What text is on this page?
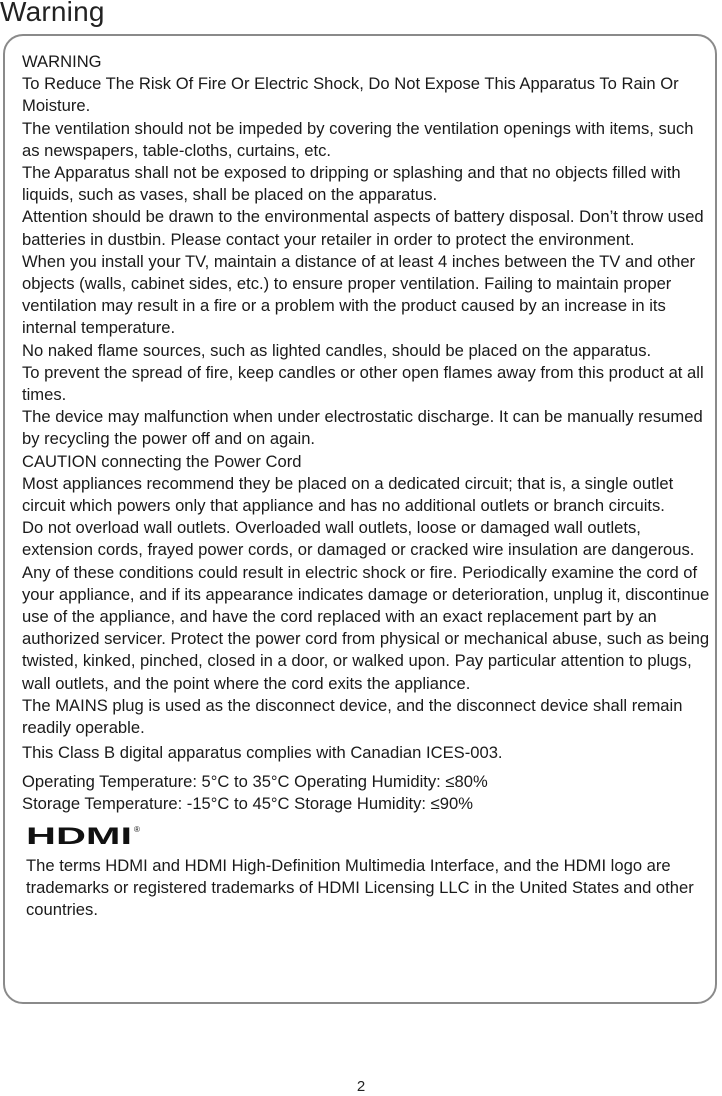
Warning

WARNING

To Reduce The Risk Of Fire Or Electric Shock, Do Not Expose This Apparatus To Rain Or Moisture.

The ventilation should not be impeded by covering the ventilation openings with items, such as newspapers, table-cloths, curtains, etc.

The Apparatus shall not be exposed to dripping or splashing and that no objects filled with liquids, such as vases, shall be placed on the apparatus.

Attention should be drawn to the environmental aspects of battery disposal. Don’t throw used batteries in dustbin. Please contact your retailer in order to protect the environment.

When you install your TV, maintain a distance of at least 4 inches between the TV and other objects (walls, cabinet sides, etc.) to ensure proper ventilation. Failing to maintain proper ventilation may result in a fire or a problem with the product caused by an increase in its internal temperature.

No naked flame sources, such as lighted candles, should be placed on the apparatus.

To prevent the spread of fire, keep candles or other open flames away from this product at all times.

The device may malfunction when under electrostatic discharge. It can be manually resumed by recycling the power off and on again.

CAUTION connecting the Power Cord

Most appliances recommend they be placed on a dedicated circuit; that is, a single outlet circuit which powers only that appliance and has no additional outlets or branch circuits.

Do not overload wall outlets. Overloaded wall outlets, loose or damaged wall outlets, extension cords, frayed power cords, or damaged or cracked wire insulation are dangerous. Any of these conditions could result in electric shock or fire. Periodically examine the cord of your appliance, and if its appearance indicates damage or deterioration, unplug it, discontinue use of the appliance, and have the cord replaced with an exact replacement part by an authorized servicer. Protect the power cord from physical or mechanical abuse, such as being twisted, kinked, pinched, closed in a door, or walked upon. Pay particular attention to plugs, wall outlets, and the point where the cord exits the appliance.

The MAINS plug is used as the disconnect device, and the disconnect device shall remain readily operable.

This Class B digital apparatus complies with Canadian ICES-003.

Operating Temperature: 5°C to 35°C Operating Humidity: ≤80%

Storage Temperature: -15°C to 45°C Storage Humidity: ≤90%

HDMI ®

The terms HDMI and HDMI High-Definition Multimedia Interface, and the HDMI logo are trademarks or registered trademarks of HDMI Licensing LLC in the United States and other countries.

2
